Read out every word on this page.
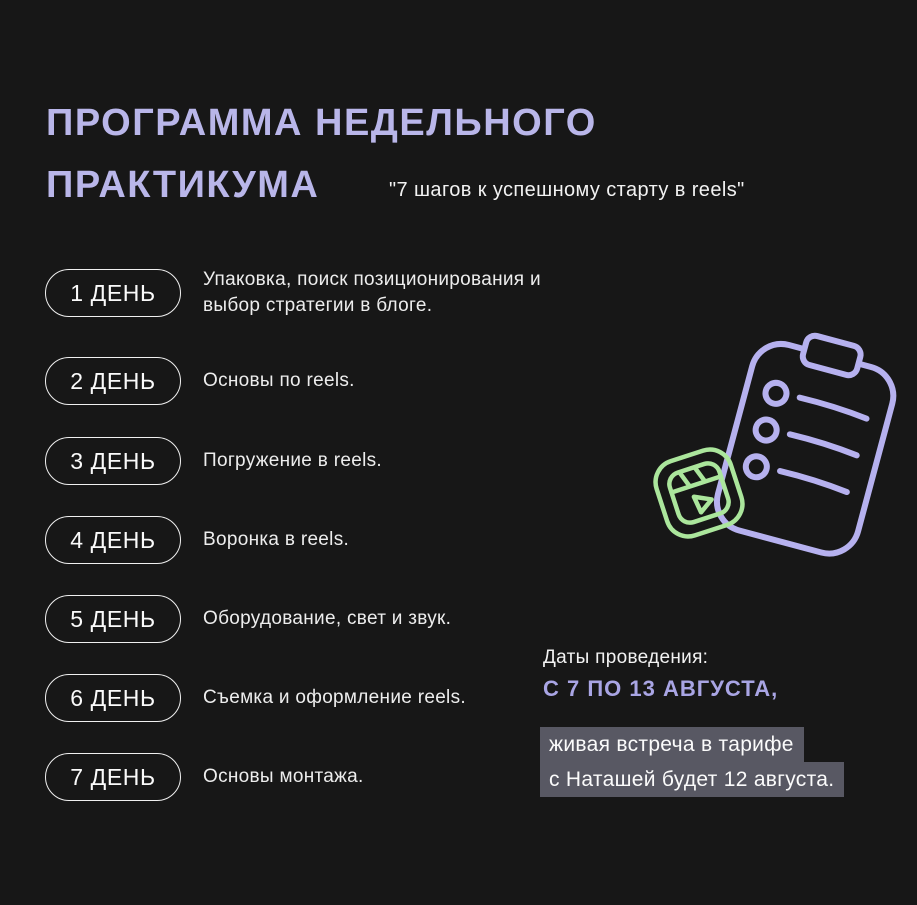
ПРОГРАММА НЕДЕЛЬНОГО
ПРАКТИКУМА	"7 шагов к успешному старту в reels"
1 ДЕНЬ Упаковка, поиск позиционирования и выбор стратегии в блоге.
2 ДЕНЬ Основы по reels.
3 ДЕНЬ Погружение в reels.
4 ДЕНЬ Воронка в reels.
5 ДЕНЬ Оборудование, свет и звук.
6 ДЕНЬ Съемка и оформление reels.
7 ДЕНЬ Основы монтажа.
Даты проведения:
С 7 ПО 13 АВГУСТА,
живая встреча в тарифе
с Наташей будет 12 августа.
